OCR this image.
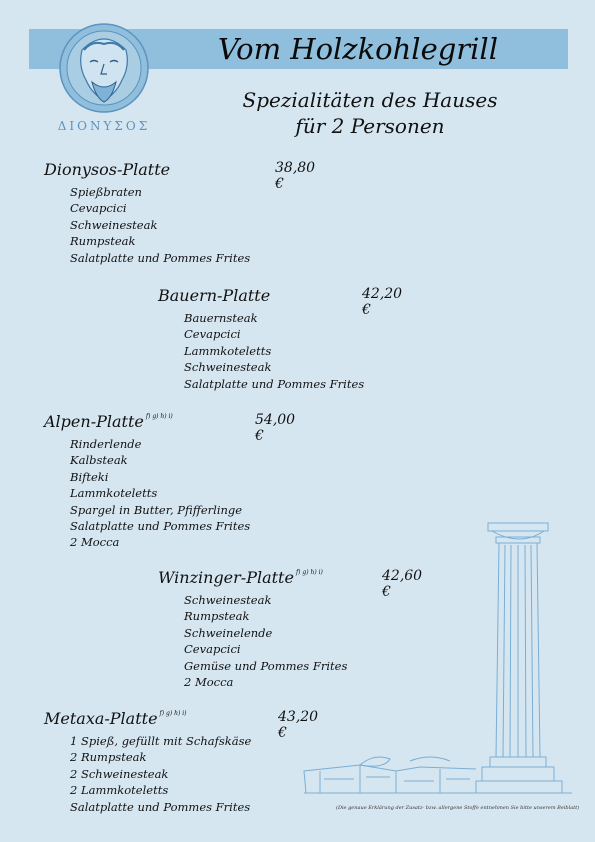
Vom Holzkohlegrill
ΔΙΟΝΥΣΟΣ
Spezialitäten des Hauses
für 2 Personen
Dionysos-Platte	38,80 €
Spießbraten
Cevapcici
Schweinesteak
Rumpsteak
Salatplatte und Pommes Frites
Bauern-Platte	42,20 €
Bauernsteak
Cevapcici
Lammkoteletts
Schweinesteak
Salatplatte und Pommes Frites
Alpen-Platte $^{f) g) h) i)}$	54,00 €
Rinderlende
Kalbsteak
Bifteki
Lammkoteletts
Spargel in Butter, Pfifferlinge
Salatplatte und Pommes Frites
2 Mocca
Winzinger-Platte $^{f) g) h) i)}$	42,60 €
Schweinesteak
Rumpsteak
Schweinelende
Cevapcici
Gemüse und Pommes Frites
2 Mocca
Metaxa-Platte $^{f) g) h) i)}$	43,20 €
1 Spieß, gefüllt mit Schafskäse
2 Rumpsteak
2 Schweinesteak
2 Lammkoteletts
Salatplatte und Pommes Frites	(Die genaue Erklärung der Zusatz- bzw. allergene Stoffe entnehmen Sie bitte unserem Beiblatt)
